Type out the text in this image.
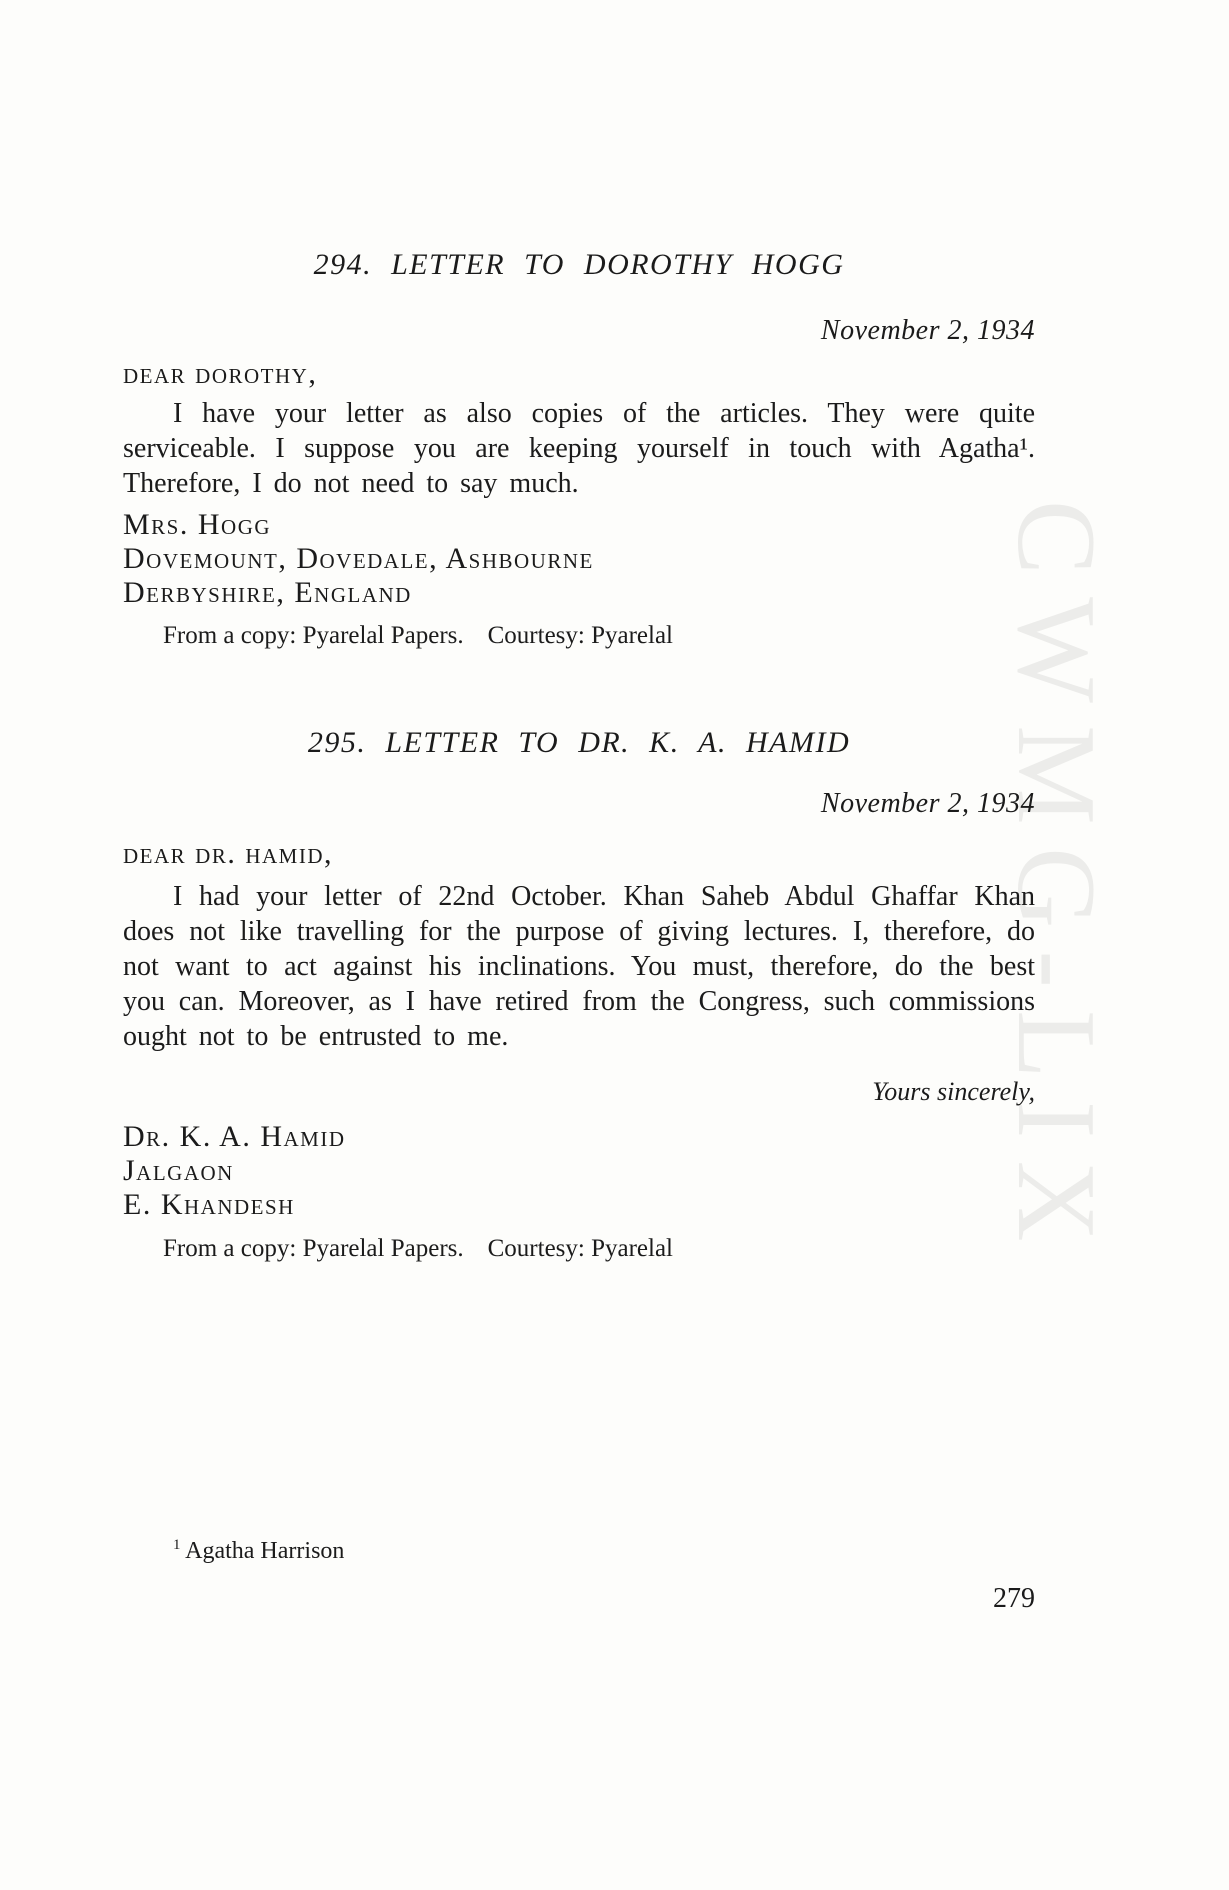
CWMG-LIX
294. LETTER TO DOROTHY HOGG
November 2, 1934
dear dorothy,
I have your letter as also copies of the articles. They were quite serviceable. I suppose you are keeping yourself in touch with Agatha¹. Therefore, I do not need to say much.
Mrs. Hogg
Dovemount, Dovedale, Ashbourne
Derbyshire, England
From a copy: Pyarelal Papers. Courtesy: Pyarelal
295. LETTER TO DR. K. A. HAMID
November 2, 1934
dear dr. hamid,
I had your letter of 22nd October. Khan Saheb Abdul Ghaffar Khan does not like travelling for the purpose of giving lectures. I, therefore, do not want to act against his inclinations. You must, therefore, do the best you can. Moreover, as I have retired from the Congress, such commissions ought not to be entrusted to me.
Yours sincerely,
Dr. K. A. Hamid
Jalgaon
E. Khandesh
From a copy: Pyarelal Papers. Courtesy: Pyarelal
$^1$ Agatha Harrison
279
